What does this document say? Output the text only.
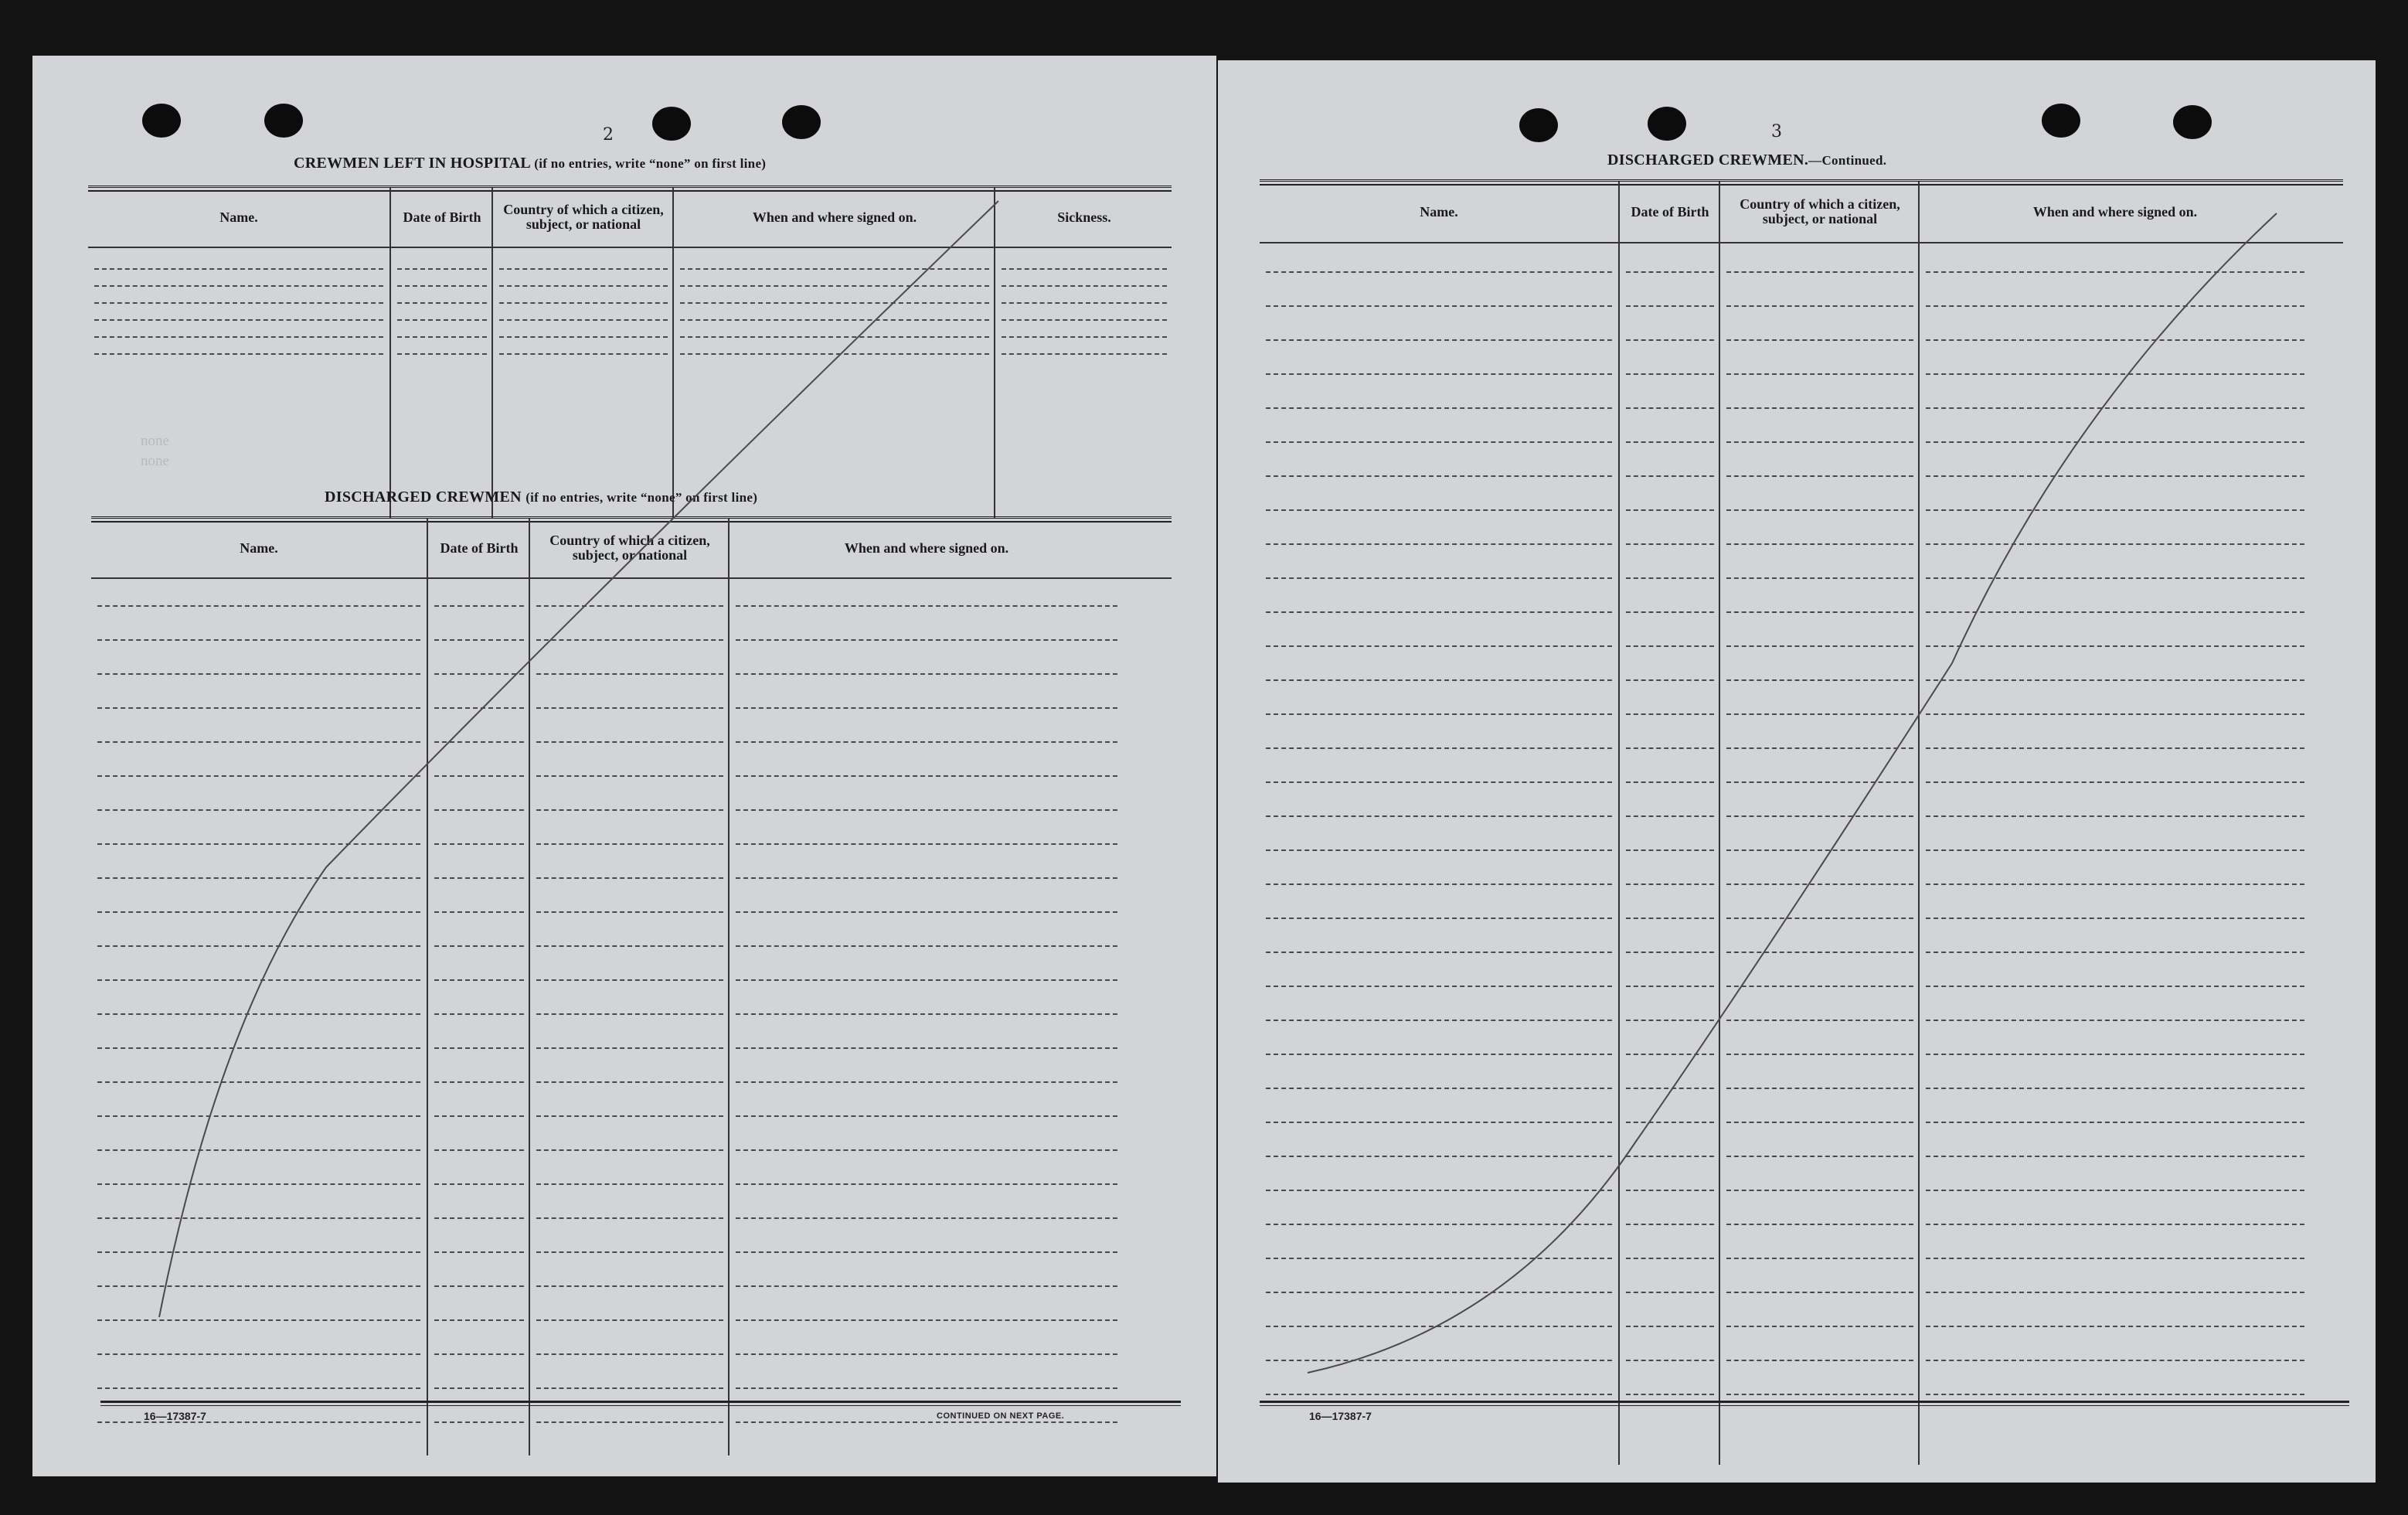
none
none
2
CREWMEN LEFT IN HOSPITAL (if no entries, write “none” on first line)
Name.	Date of Birth	Country of which a citizen, subject, or national	When and where signed on.	Sickness.
DISCHARGED CREWMEN (if no entries, write “none” on first line)
Name.	Date of Birth	Country of which a citizen, subject, or national	When and where signed on.
16—17387-7	CONTINUED ON NEXT PAGE.
3
DISCHARGED CREWMEN.—Continued.
Name.	Date of Birth	Country of which a citizen, subject, or national	When and where signed on.
16—17387-7
